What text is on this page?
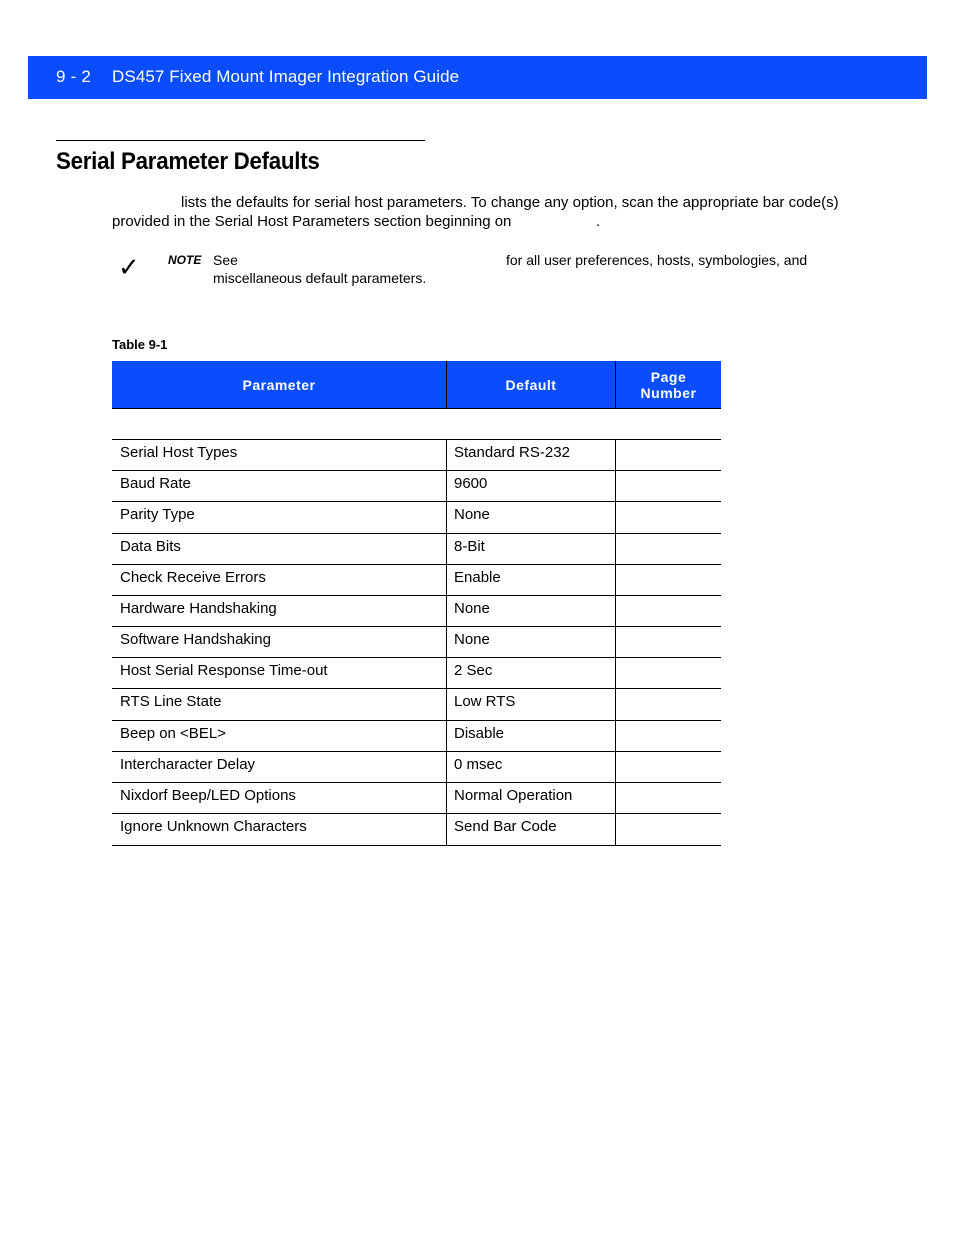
9 - 2 DS457 Fixed Mount Imager Integration Guide
Serial Parameter Defaults
lists the defaults for serial host parameters. To change any option, scan the appropriate bar code(s)
provided in the Serial Host Parameters section beginning on	.
✓ NOTE See	for all user preferences, hosts, symbologies, and
miscellaneous default parameters.
Table 9-1
Parameter	Default	Page
Number
Serial Host Types	Standard RS-232
Baud Rate	9600
Parity Type	None
Data Bits	8-Bit
Check Receive Errors	Enable
Hardware Handshaking	None
Software Handshaking	None
Host Serial Response Time-out	2 Sec
RTS Line State	Low RTS
Beep on <BEL>	Disable
Intercharacter Delay	0 msec
Nixdorf Beep/LED Options	Normal Operation
Ignore Unknown Characters	Send Bar Code
